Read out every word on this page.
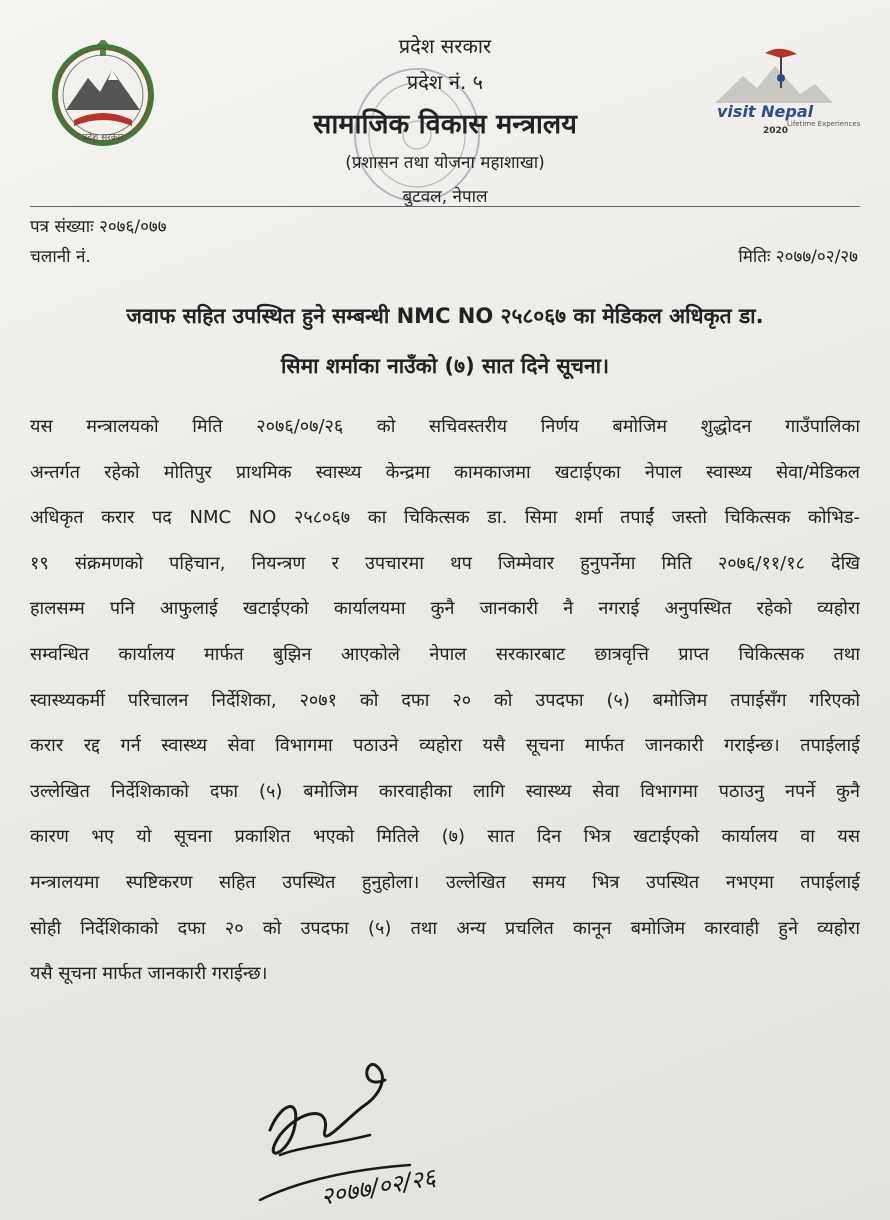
प्रदेश सरकार
visit Nepal
Lifetime Experiences
2020
प्रदेश सरकार
प्रदेश नं. ५
सामाजिक विकास मन्त्रालय
(प्रशासन तथा योजना महाशाखा)
बुटवल, नेपाल
पत्र संख्याः २०७६/०७७
चलानी नं.	मितिः २०७७/०२/२७
जवाफ सहित उपस्थित हुने सम्बन्धी NMC NO २५८०६७ का मेडिकल अधिकृत डा.
सिमा शर्माका नाउँको (७) सात दिने सूचना।
यस मन्त्रालयको मिति २०७६/०७/२६ को सचिवस्तरीय निर्णय बमोजिम शुद्धोदन गाउँपालिका
अन्तर्गत रहेको मोतिपुर प्राथमिक स्वास्थ्य केन्द्रमा कामकाजमा खटाईएका नेपाल स्वास्थ्य सेवा/मेडिकल
अधिकृत करार पद NMC NO २५८०६७ का चिकित्सक डा. सिमा शर्मा तपाईं जस्तो चिकित्सक कोभिड-
१९ संक्रमणको पहिचान, नियन्त्रण र उपचारमा थप जिम्मेवार हुनुपर्नेमा मिति २०७६/११/१८ देखि
हालसम्म पनि आफुलाई खटाईएको कार्यालयमा कुनै जानकारी नै नगराई अनुपस्थित रहेको व्यहोरा
सम्वन्धित कार्यालय मार्फत बुझिन आएकोले नेपाल सरकारबाट छात्रवृत्ति प्राप्त चिकित्सक तथा
स्वास्थ्यकर्मी परिचालन निर्देशिका, २०७१ को दफा २० को उपदफा (५) बमोजिम तपाईसँग गरिएको
करार रद्द गर्न स्वास्थ्य सेवा विभागमा पठाउने व्यहोरा यसै सूचना मार्फत जानकारी गराईन्छ। तपाईलाई
उल्लेखित निर्देशिकाको दफा (५) बमोजिम कारवाहीका लागि स्वास्थ्य सेवा विभागमा पठाउनु नपर्ने कुनै
कारण भए यो सूचना प्रकाशित भएको मितिले (७) सात दिन भित्र खटाईएको कार्यालय वा यस
मन्त्रालयमा स्पष्टिकरण सहित उपस्थित हुनुहोला। उल्लेखित समय भित्र उपस्थित नभएमा तपाईलाई
सोही निर्देशिकाको दफा २० को उपदफा (५) तथा अन्य प्रचलित कानून बमोजिम कारवाही हुने व्यहोरा
यसै सूचना मार्फत जानकारी गराईन्छ।
२०७७/०२/२६
